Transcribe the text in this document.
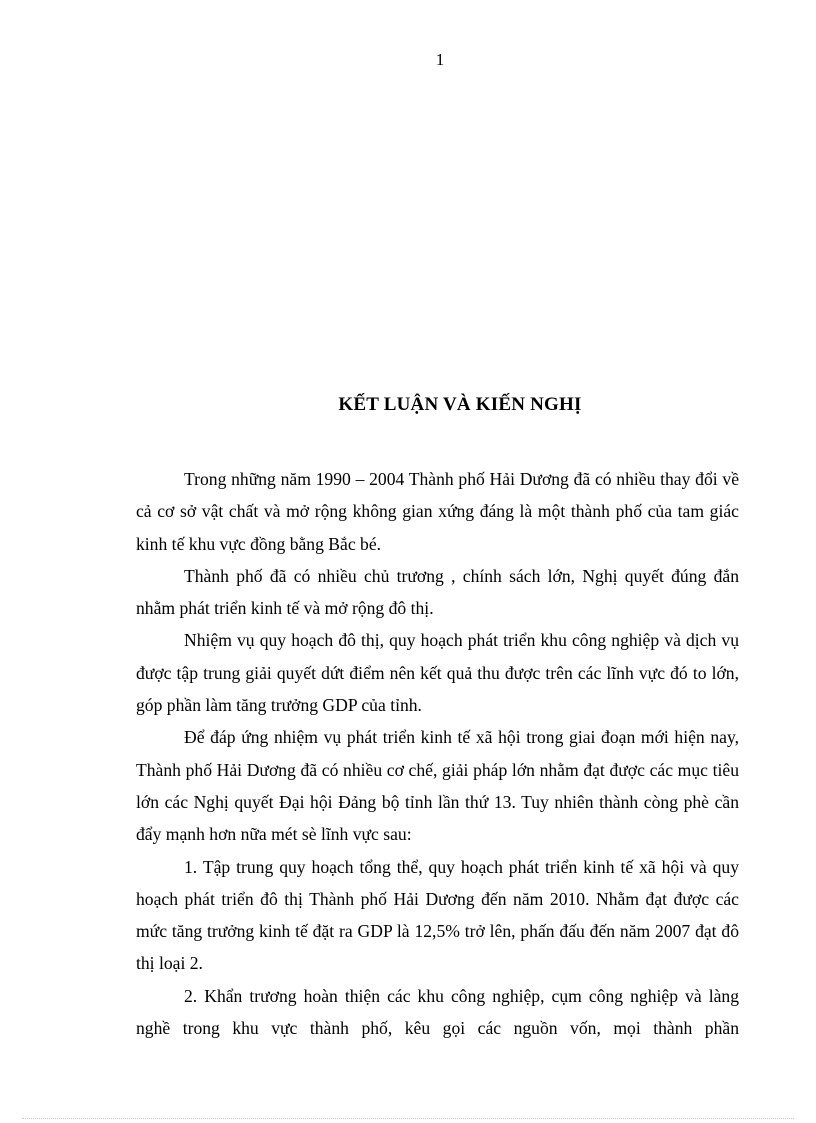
1
KẾT LUẬN VÀ KIẾN NGHỊ

Trong những năm 1990 – 2004 Thành phố Hải Dương đã có nhiều thay đổi về cả cơ sở vật chất và mở rộng không gian xứng đáng là một thành phố của tam giác kinh tế khu vực đồng bằng Bắc bé.

Thành phố đã có nhiều chủ trương , chính sách lớn, Nghị quyết đúng đắn nhằm phát triển kinh tế và mở rộng đô thị.

Nhiệm vụ quy hoạch đô thị, quy hoạch phát triển khu công nghiệp và dịch vụ được tập trung giải quyết dứt điểm nên kết quả thu được trên các lĩnh vực đó to lớn, góp phần làm tăng trưởng GDP của tỉnh.

Để đáp ứng nhiệm vụ phát triển kinh tế xã hội trong giai đoạn mới hiện nay, Thành phố Hải Dương đã có nhiều cơ chế, giải pháp lớn nhằm đạt được các mục tiêu lớn các Nghị quyết Đại hội Đảng bộ tỉnh lần thứ 13. Tuy nhiên thành còng phè cần đẩy mạnh hơn nữa mét sè lĩnh vực sau:

1. Tập trung quy hoạch tổng thể, quy hoạch phát triển kinh tế xã hội và quy hoạch phát triển đô thị Thành phố Hải Dương đến năm 2010. Nhằm đạt được các mức tăng trưởng kinh tế đặt ra GDP là 12,5% trở lên, phấn đấu đến năm 2007 đạt đô thị loại 2.

2. Khẩn trương hoàn thiện các khu công nghiệp, cụm công nghiệp và làng nghề trong khu vực thành phố, kêu gọi các nguồn vốn, mọi thành phần
